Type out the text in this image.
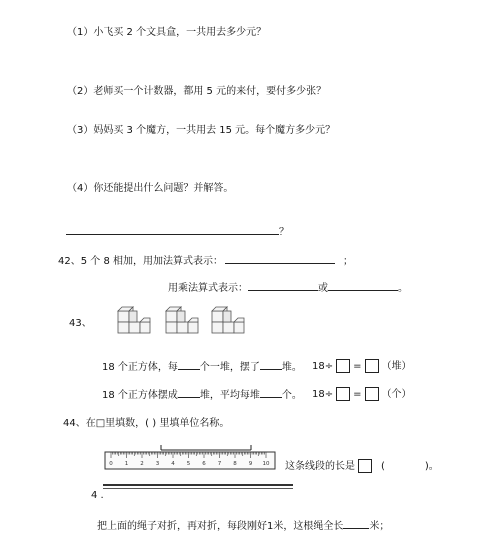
（1）小飞买 2 个文具盒，一共用去多少元？
（2）老师买一个计数器，都用 5 元的来付，要付多少张？
（3）妈妈买 3 个魔方，一共用去 15 元。每个魔方多少元？
（4）你还能提出什么问题？并解答。
？
42、5 个 8 相加，用加法算式表示：	；
用乘法算式表示：	或	。
43、
18 个正方体，每 个一堆，摆了 堆。 18÷ = （堆）
18 个正方体摆成 堆，平均每堆 个。 18÷ = （个）
44、在□里填数，( ) 里填单位名称。
0 1 2 3 4 5 6 7 8 9 10 这条线段的长是	(	)。
4 .
把上面的绳子对折，再对折，每段刚好1米，这根绳全长	米；
